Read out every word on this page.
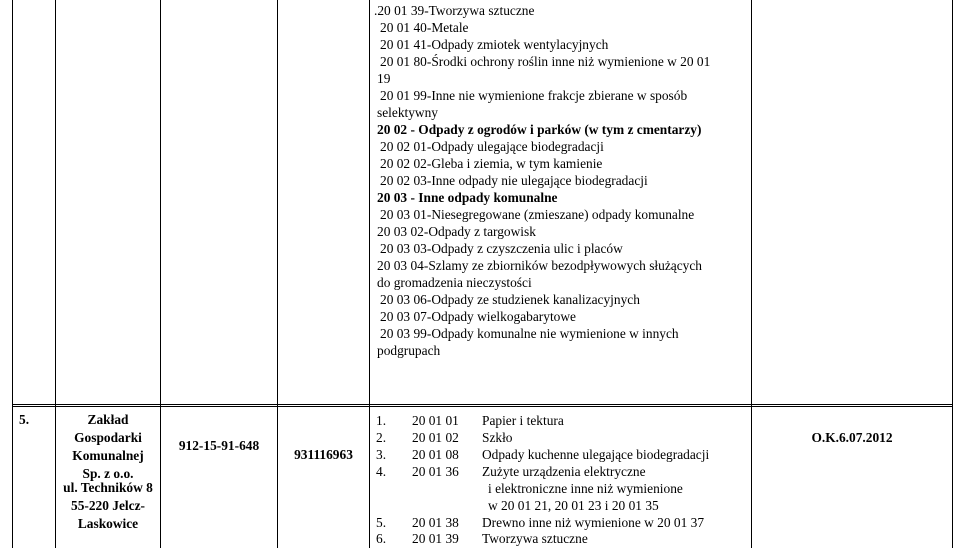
.20 01 39-Tworzywa sztuczne
20 01 40-Metale
20 01 41-Odpady zmiotek wentylacyjnych
20 01 80-Środki ochrony roślin inne niż wymienione w 20 01
19
20 01 99-Inne nie wymienione frakcje zbierane w sposób
selektywny
20 02 - Odpady z ogrodów i parków (w tym z cmentarzy)
20 02 01-Odpady ulegające biodegradacji
20 02 02-Gleba i ziemia, w tym kamienie
20 02 03-Inne odpady nie ulegające biodegradacji
20 03 - Inne odpady komunalne
20 03 01-Niesegregowane (zmieszane) odpady komunalne
20 03 02-Odpady z targowisk
20 03 03-Odpady z czyszczenia ulic i placów
20 03 04-Szlamy ze zbiorników bezodpływowych służących
do gromadzenia nieczystości
20 03 06-Odpady ze studzienek kanalizacyjnych
20 03 07-Odpady wielkogabarytowe
20 03 99-Odpady komunalne nie wymienione w innych
podgrupach
5.	Zakład
Gospodarki
Komunalnej
Sp. z o.o.
ul. Techników 8
55-220 Jelcz-
Laskowice
912-15-91-648
931116963
1. 20 01 01 Papier i tektura
2. 20 01 02 Szkło
3. 20 01 08 Odpady kuchenne ulegające biodegradacji
4. 20 01 36 Zużyte urządzenia elektryczne
i elektroniczne inne niż wymienione
w 20 01 21, 20 01 23 i 20 01 35
5. 20 01 38 Drewno inne niż wymienione w 20 01 37
6. 20 01 39 Tworzywa sztuczne
O.K.6.07.2012
